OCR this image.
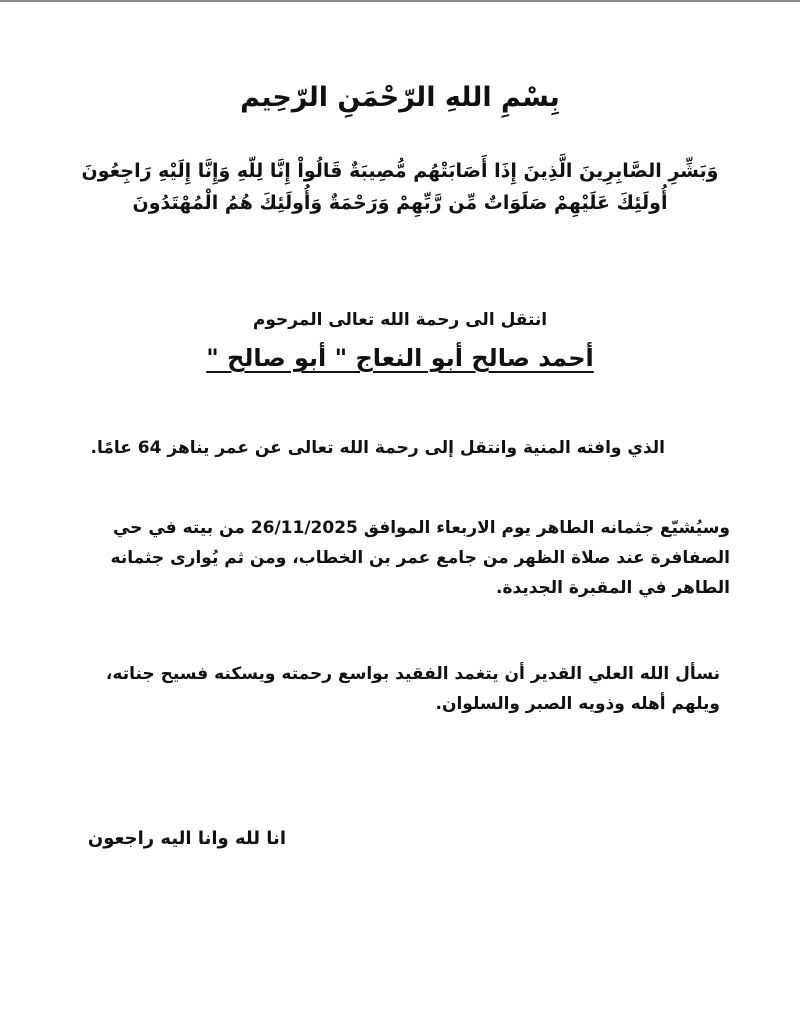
بِسْمِ اللهِ الرّحْمَنِ الرّحِيم
وَبَشِّرِ الصَّابِرِينَ الَّذِينَ إِذَا أَصَابَتْهُم مُّصِيبَةٌ قَالُواْ إِنَّا لِلّهِ وَإِنَّا إِلَيْهِ رَاجِعُونَ أُولَئِكَ عَلَيْهِمْ صَلَوَاتٌ مِّن رَّبِّهِمْ وَرَحْمَةٌ وَأُولَئِكَ هُمُ الْمُهْتَدُونَ
انتقل الى رحمة الله تعالى المرحوم
أحمد صالح أبو النعاج " أبو صالح "
الذي وافته المنية وانتقل إلى رحمة الله تعالى عن عمر يناهز 64 عامًا.
وسيُشيّع جثمانه الطاهر يوم الاربعاء الموافق 26/11/2025 من بيته في حي الصفافرة عند صلاة الظهر من جامع عمر بن الخطاب، ومن ثم يُوارى جثمانه الطاهر في المقبرة الجديدة.
نسأل الله العلي القدير أن يتغمد الفقيد بواسع رحمته ويسكنه فسيح جناته، ويلهم أهله وذويه الصبر والسلوان.
انا لله وانا اليه راجعون
